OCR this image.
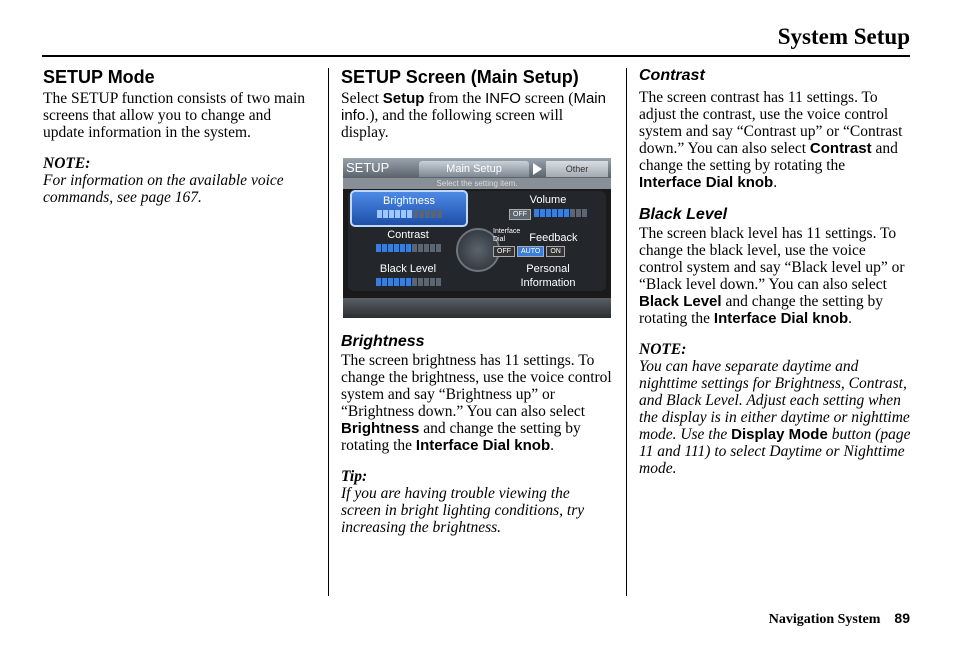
System Setup
SETUP Mode

The SETUP function consists of two main screens that allow you to change and update information in the system.

NOTE:

For information on the available voice commands, see page 167.

SETUP Screen (Main Setup)

Select Setup from the INFO screen (Main info.), and the following screen will display.

SETUP	Main Setup	Other
Select the setting item.
Brightness	Volume
OFF
Contrast	Interface Dial Feedback
OFF AUTO ON
Black Level	Personal
Information
Brightness

The screen brightness has 11 settings. To change the brightness, use the voice control system and say “Brightness up” or “Brightness down.” You can also select Brightness and change the setting by rotating the Interface Dial knob.

Tip:

If you are having trouble viewing the screen in bright lighting conditions, try increasing the brightness.

Contrast

The screen contrast has 11 settings. To adjust the contrast, use the voice control system and say “Contrast up” or “Contrast down.” You can also select Contrast and change the setting by rotating the Interface Dial knob.

Black Level

The screen black level has 11 settings. To change the black level, use the voice control system and say “Black level up” or “Black level down.” You can also select Black Level and change the setting by rotating the Interface Dial knob.

NOTE:

You can have separate daytime and nighttime settings for Brightness, Contrast, and Black Level. Adjust each setting when the display is in either daytime or nighttime mode. Use the Display Mode button (page 11 and 111) to select Daytime or Nighttime mode.

Navigation System 89
